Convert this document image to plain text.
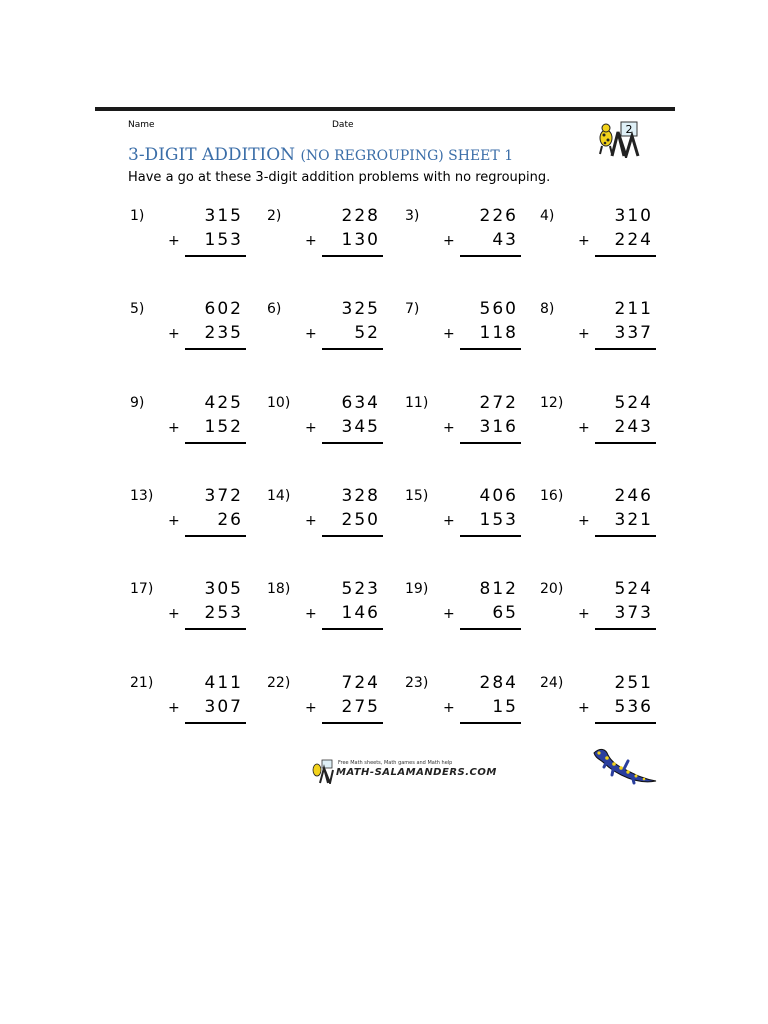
Name	Date	2
3-DIGIT ADDITION (NO REGROUPING) SHEET 1
Have a go at these 3-digit addition problems with no regrouping.
1)	315
+	153
2)	228
+	130
3)	226
+	43
4)	310
+	224
5)	602
+	235
6)	325
+	52
7)	560
+	118
8)	211
+	337
9)	425
+	152
10)	634
+	345
11)	272
+	316
12)	524
+	243
13)	372
+	26
14)	328
+	250
15)	406
+	153
16)	246
+	321
17)	305
+	253
18)	523
+	146
19)	812
+	65
20)	524
+	373
21)	411
+	307
22)	724
+	275
23)	284
+	15
24)	251
+	536
Free Math sheets, Math games and Math help
MATH-SALAMANDERS.COM
